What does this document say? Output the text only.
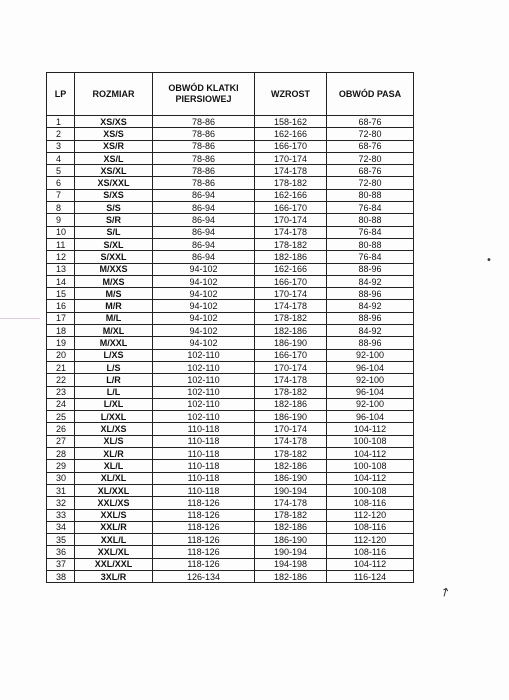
LP	ROZMIAR	OBWÓD KLATKI PIERSIOWEJ	WZROST	OBWÓD PASA
1	XS/XS	78-86	158-162	68-76
2	XS/S	78-86	162-166	72-80
3	XS/R	78-86	166-170	68-76
4	XS/L	78-86	170-174	72-80
5	XS/XL	78-86	174-178	68-76
6	XS/XXL	78-86	178-182	72-80
7	S/XS	86-94	162-166	80-88
8	S/S	86-94	166-170	76-84
9	S/R	86-94	170-174	80-88
10	S/L	86-94	174-178	76-84
11	S/XL	86-94	178-182	80-88
12	S/XXL	86-94	182-186	76-84
13	M/XXS	94-102	162-166	88-96
14	M/XS	94-102	166-170	84-92
15	M/S	94-102	170-174	88-96
16	M/R	94-102	174-178	84-92
17	M/L	94-102	178-182	88-96
18	M/XL	94-102	182-186	84-92
19	M/XXL	94-102	186-190	88-96
20	L/XS	102-110	166-170	92-100
21	L/S	102-110	170-174	96-104
22	L/R	102-110	174-178	92-100
23	L/L	102-110	178-182	96-104
24	L/XL	102-110	182-186	92-100
25	L/XXL	102-110	186-190	96-104
26	XL/XS	110-118	170-174	104-112
27	XL/S	110-118	174-178	100-108
28	XL/R	110-118	178-182	104-112
29	XL/L	110-118	182-186	100-108
30	XL/XL	110-118	186-190	104-112
31	XL/XXL	110-118	190-194	100-108
32	XXL/XS	118-126	174-178	108-116
33	XXL/S	118-126	178-182	112-120
34	XXL/R	118-126	182-186	108-116
35	XXL/L	118-126	186-190	112-120
36	XXL/XL	118-126	190-194	108-116
37	XXL/XXL	118-126	194-198	104-112
38	3XL/R	126-134	182-186	116-124
•
↗
